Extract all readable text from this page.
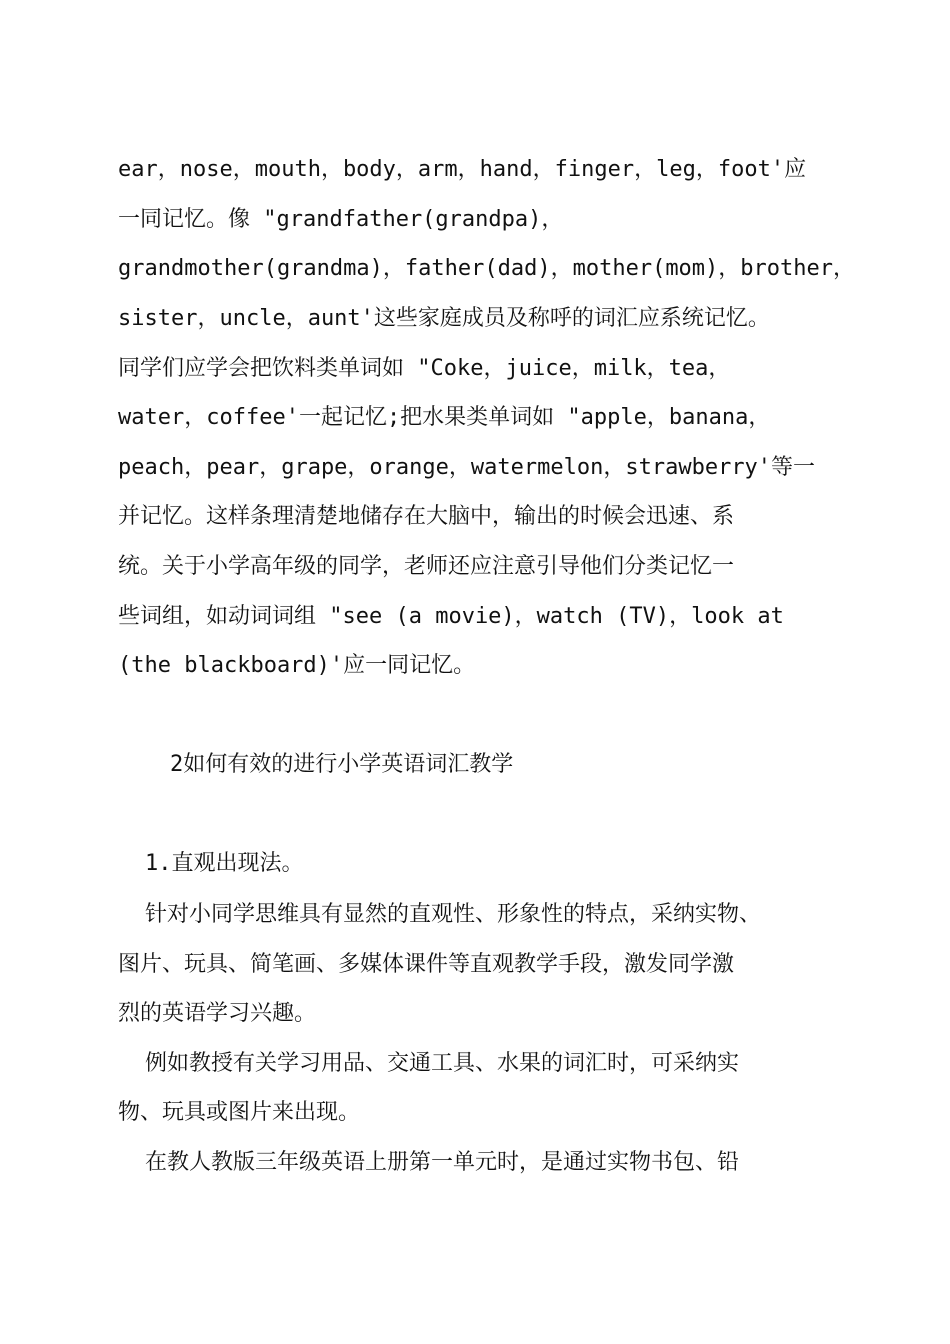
ear，nose，mouth，body，arm，hand，finger，leg，foot'应
一同记忆。像 "grandfather(grandpa)，
grandmother(grandma)，father(dad)，mother(mom)，brother，
sister，uncle，aunt'这些家庭成员及称呼的词汇应系统记忆。
同学们应学会把饮料类单词如 "Coke，juice，milk，tea，
water，coffee'一起记忆;把水果类单词如 "apple，banana，
peach，pear，grape，orange，watermelon，strawberry'等一
并记忆。这样条理清楚地储存在大脑中，输出的时候会迅速、系
统。关于小学高年级的同学，老师还应注意引导他们分类记忆一
些词组，如动词词组 "see (a movie)，watch (TV)，look at
(the blackboard)'应一同记忆。
2如何有效的进行小学英语词汇教学
1.直观出现法。
针对小同学思维具有显然的直观性、形象性的特点，采纳实物、
图片、玩具、简笔画、多媒体课件等直观教学手段，激发同学激
烈的英语学习兴趣。
例如教授有关学习用品、交通工具、水果的词汇时，可采纳实
物、玩具或图片来出现。
在教人教版三年级英语上册第一单元时，是通过实物书包、铅
